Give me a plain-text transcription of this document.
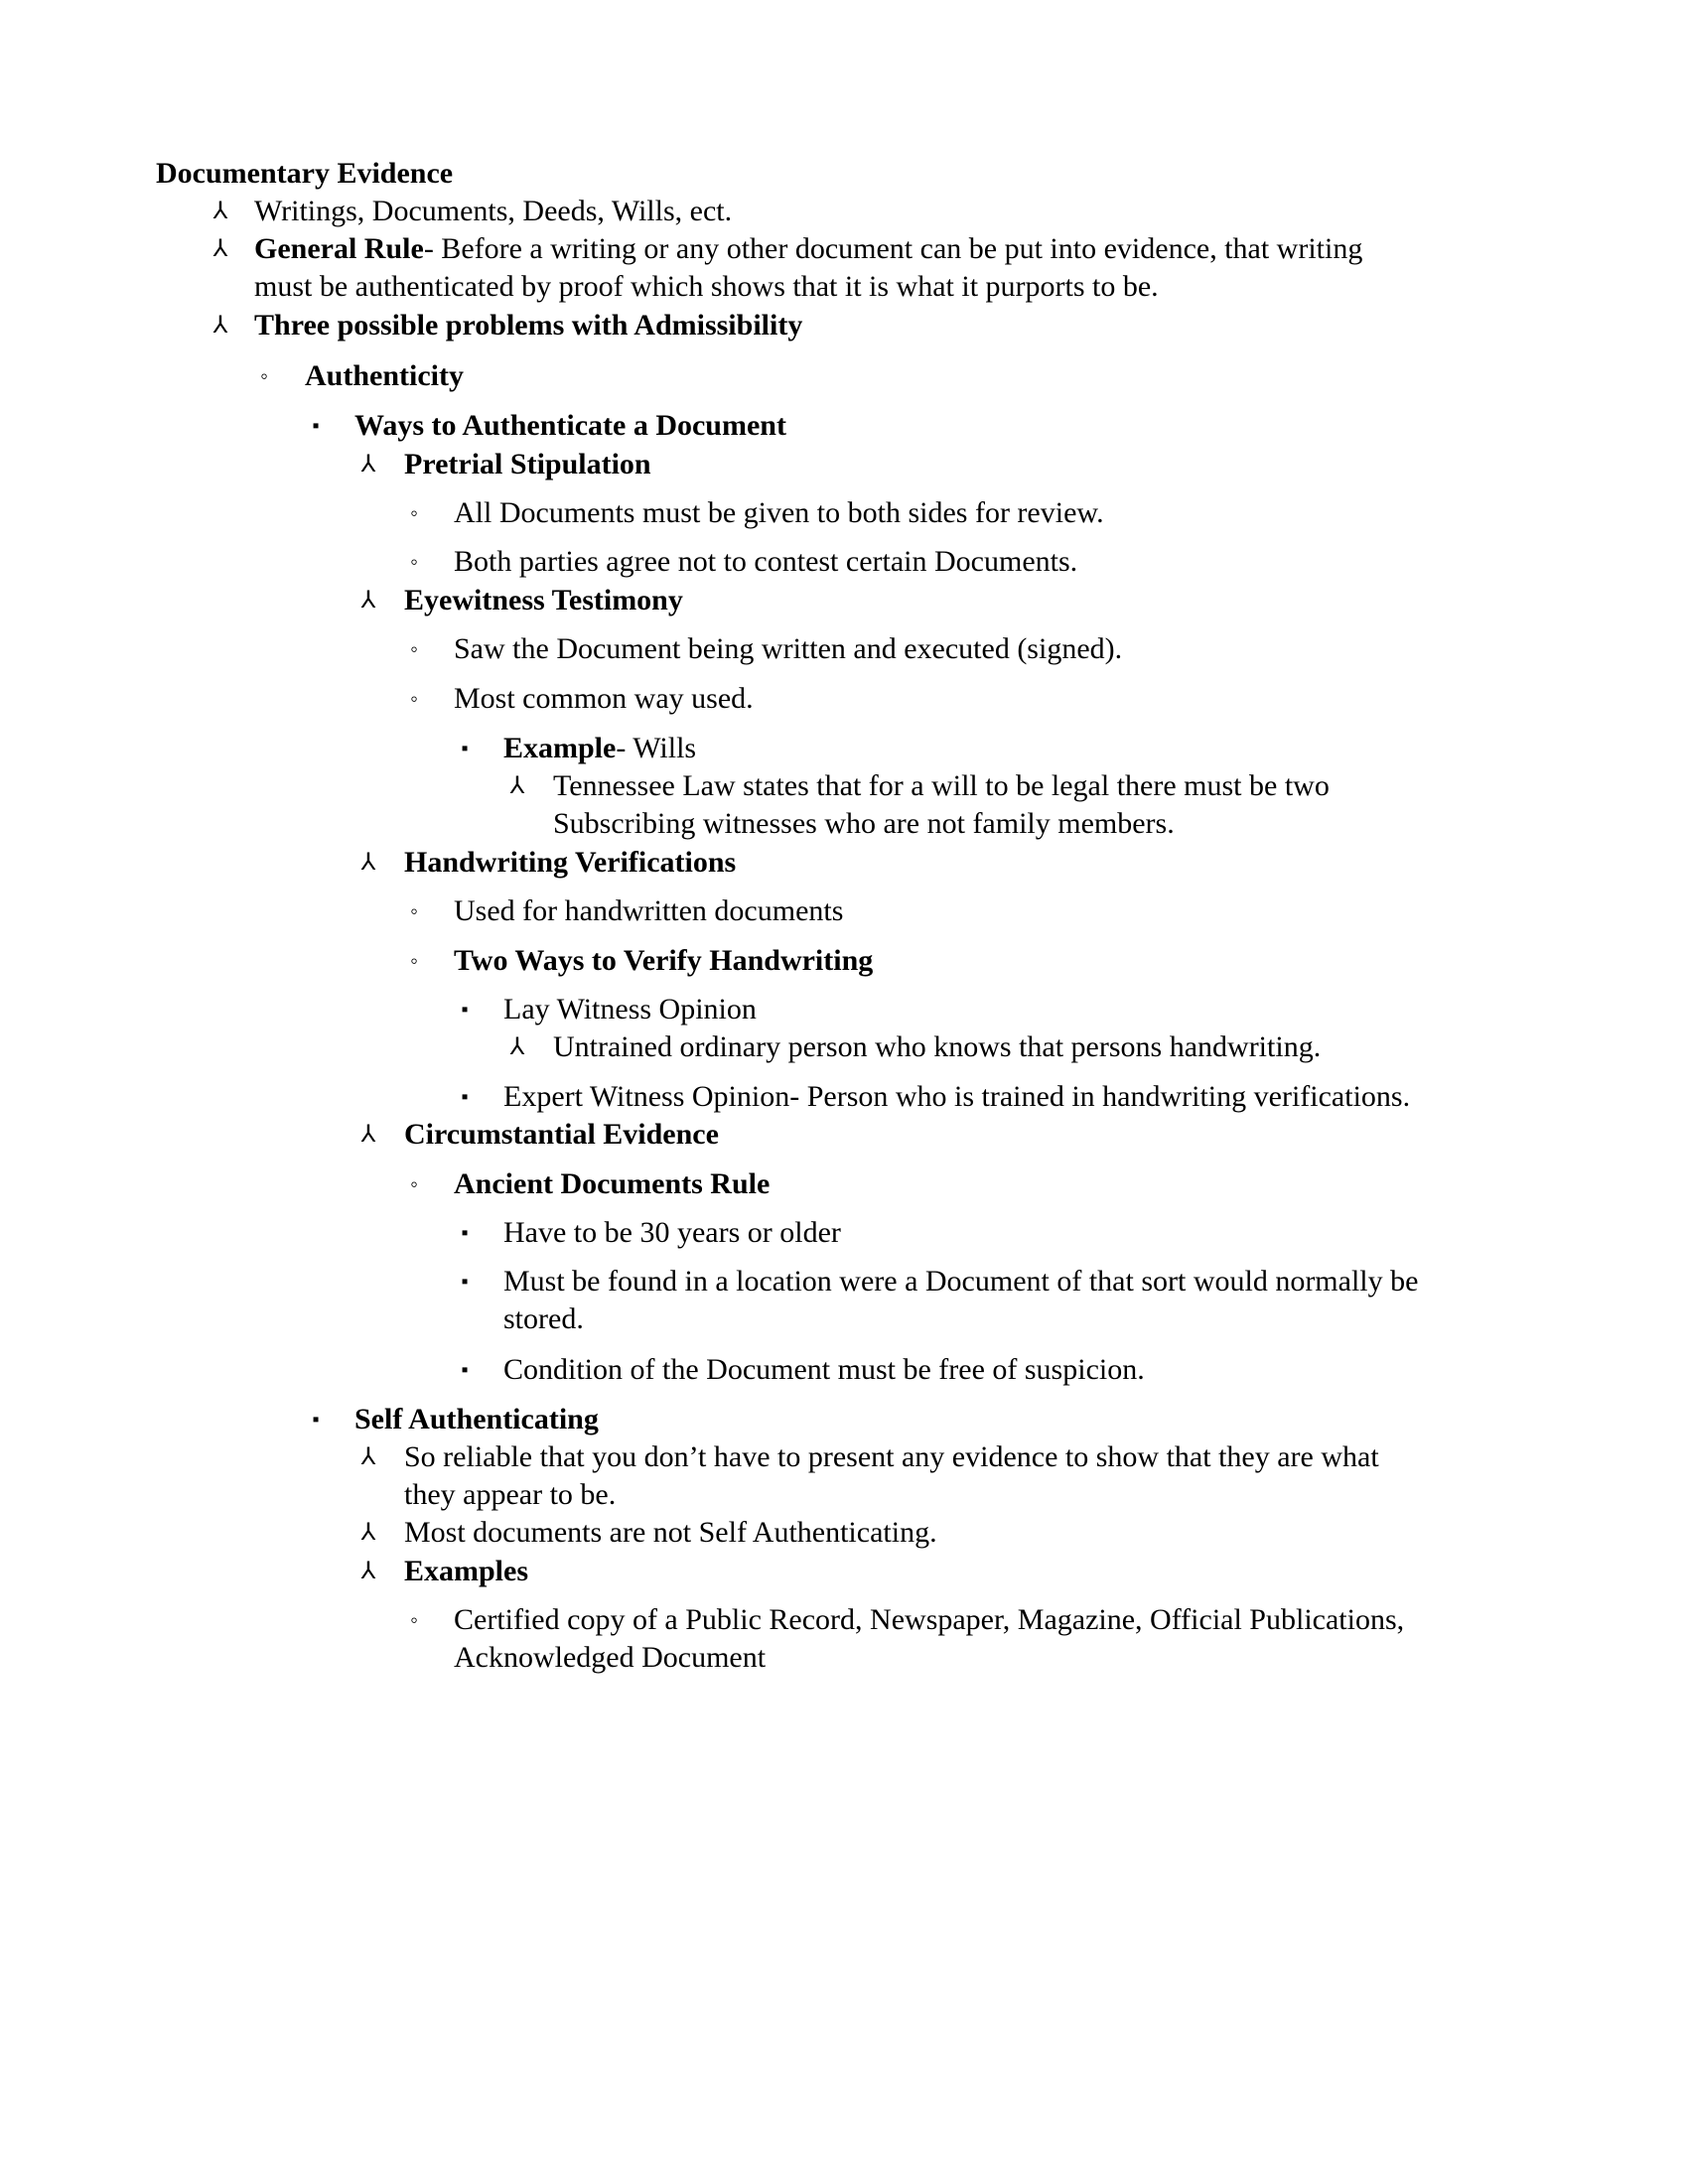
Documentary Evidence
⅄ Writings, Documents, Deeds, Wills, ect.
⅄ General Rule- Before a writing or any other document can be put into evidence, that writing
must be authenticated by proof which shows that it is what it purports to be.
⅄ Three possible problems with Admissibility
◦	Authenticity
▪	Ways to Authenticate a Document
⅄ Pretrial Stipulation
◦	All Documents must be given to both sides for review.
◦	Both parties agree not to contest certain Documents.
⅄ Eyewitness Testimony
◦	Saw the Document being written and executed (signed).
◦	Most common way used.
▪	Example- Wills
⅄ Tennessee Law states that for a will to be legal there must be two
Subscribing witnesses who are not family members.
⅄ Handwriting Verifications
◦	Used for handwritten documents
◦	Two Ways to Verify Handwriting
▪	Lay Witness Opinion
⅄ Untrained ordinary person who knows that persons handwriting.
▪	Expert Witness Opinion- Person who is trained in handwriting verifications.
⅄ Circumstantial Evidence
◦	Ancient Documents Rule
▪	Have to be 30 years or older
▪	Must be found in a location were a Document of that sort would normally be
stored.
▪	Condition of the Document must be free of suspicion.
▪	Self Authenticating
⅄ So reliable that you don’t have to present any evidence to show that they are what
they appear to be.
⅄ Most documents are not Self Authenticating.
⅄ Examples
◦	Certified copy of a Public Record, Newspaper, Magazine, Official Publications,
Acknowledged Document
